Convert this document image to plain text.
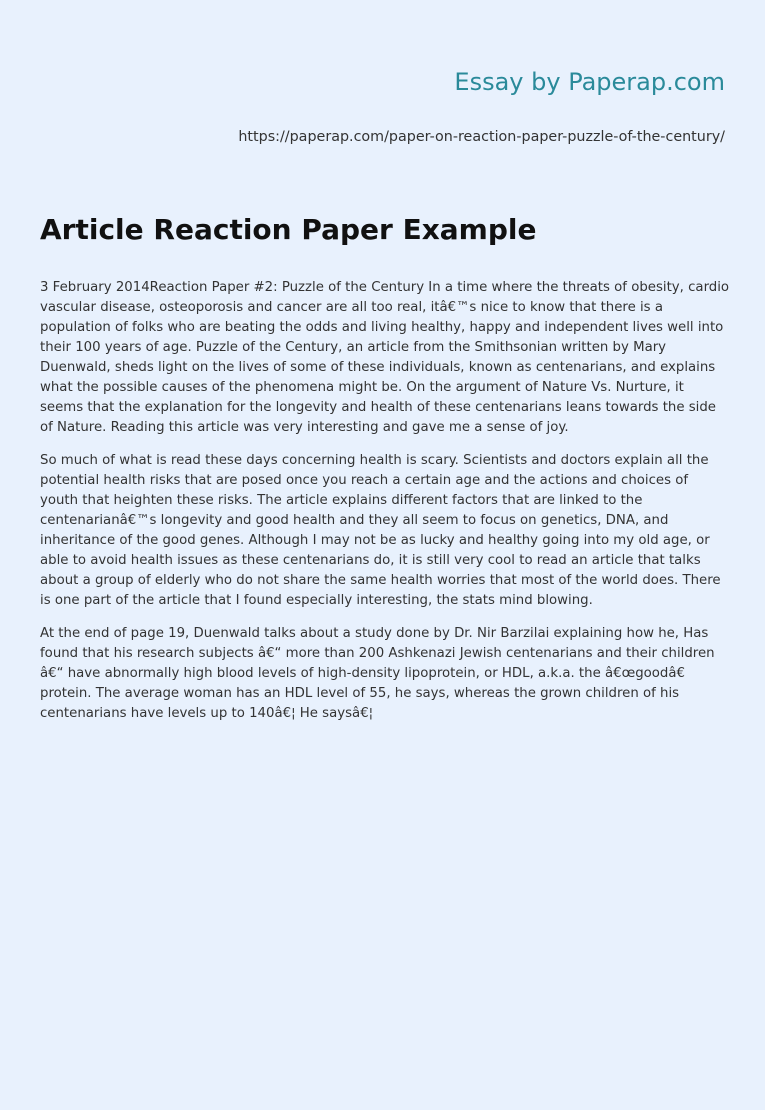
Essay by Paperap.com
https://paperap.com/paper-on-reaction-paper-puzzle-of-the-century/
Article Reaction Paper Example

3 February 2014Reaction Paper #2: Puzzle of the Century In a time where the threats of obesity, cardio vascular disease, osteoporosis and cancer are all too real, itâ€™s nice to know that there is a population of folks who are beating the odds and living healthy, happy and independent lives well into their 100 years of age. Puzzle of the Century, an article from the Smithsonian written by Mary Duenwald, sheds light on the lives of some of these individuals, known as centenarians, and explains what the possible causes of the phenomena might be. On the argument of Nature Vs. Nurture, it seems that the explanation for the longevity and health of these centenarians leans towards the side of Nature. Reading this article was very interesting and gave me a sense of joy.

So much of what is read these days concerning health is scary. Scientists and doctors explain all the potential health risks that are posed once you reach a certain age and the actions and choices of youth that heighten these risks. The article explains different factors that are linked to the centenarianâ€™s longevity and good health and they all seem to focus on genetics, DNA, and inheritance of the good genes. Although I may not be as lucky and healthy going into my old age, or able to avoid health issues as these centenarians do, it is still very cool to read an article that talks about a group of elderly who do not share the same health worries that most of the world does. There is one part of the article that I found especially interesting, the stats mind blowing.

At the end of page 19, Duenwald talks about a study done by Dr. Nir Barzilai explaining how he, Has found that his research subjects â€“ more than 200 Ashkenazi Jewish centenarians and their children â€“ have abnormally high blood levels of high-density lipoprotein, or HDL, a.k.a. the â€œgoodâ€ protein. The average woman has an HDL level of 55, he says, whereas the grown children of his centenarians have levels up to 140â€¦ He saysâ€¦
